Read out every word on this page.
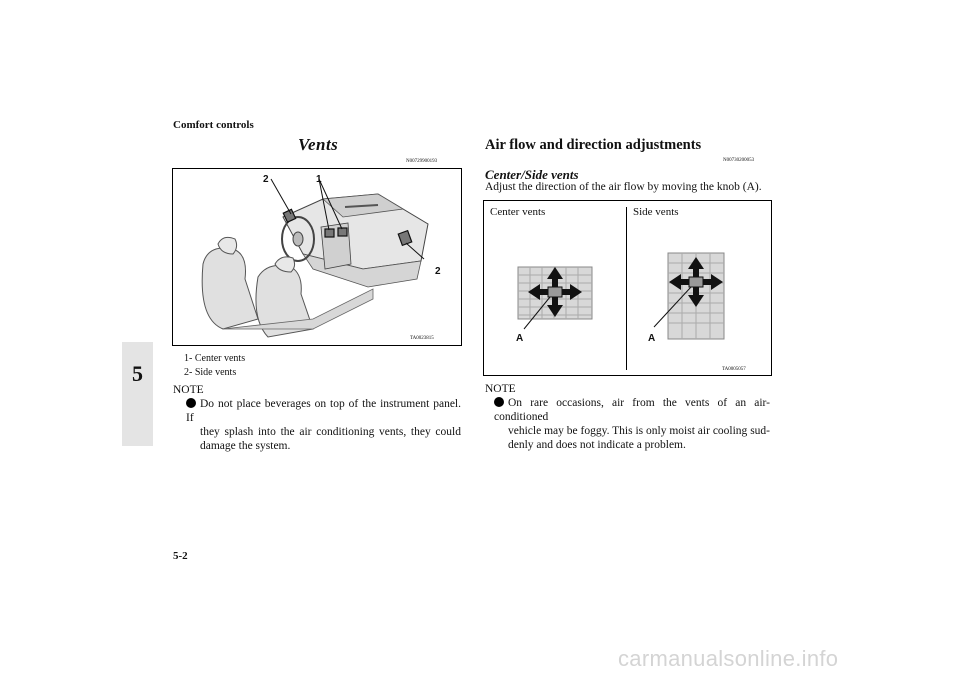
Comfort controls
5
Vents
N00729900193
2	1
2
TA0023815
1- Center vents
2- Side vents
NOTE
Do not place beverages on top of the instrument panel. If
they splash into the air conditioning vents, they could damage the system.
Air flow and direction adjustments
N00730200053
Center/Side vents
Adjust the direction of the air flow by moving the knob (A).
A	A
Center vents	Side vents
TA0005057
NOTE
On rare occasions, air from the vents of an air-conditioned
vehicle may be foggy. This is only moist air cooling sud-denly and does not indicate a problem.
5-2
carmanualsonline.info
